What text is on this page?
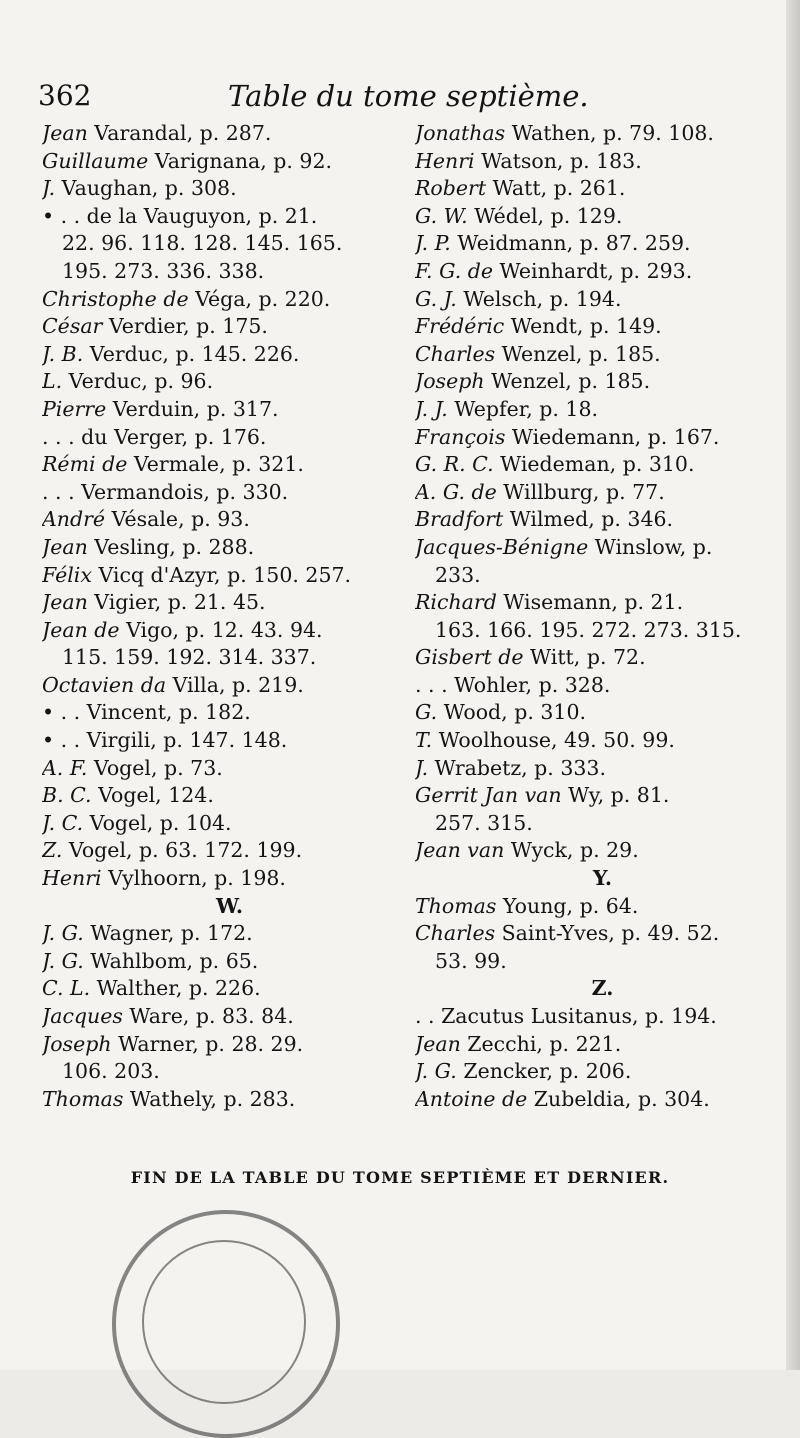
362	Table du tome septième.
Jean Varandal, p. 287.
Guillaume Varignana, p. 92.
J. Vaughan, p. 308.
• . . de la Vauguyon, p. 21.
22. 96. 118. 128. 145. 165.
195. 273. 336. 338.
Christophe de Véga, p. 220.
César Verdier, p. 175.
J. B. Verduc, p. 145. 226.
L. Verduc, p. 96.
Pierre Verduin, p. 317.
. . . du Verger, p. 176.
Rémi de Vermale, p. 321.
. . . Vermandois, p. 330.
André Vésale, p. 93.
Jean Vesling, p. 288.
Félix Vicq d'Azyr, p. 150. 257.
Jean Vigier, p. 21. 45.
Jean de Vigo, p. 12. 43. 94.
115. 159. 192. 314. 337.
Octavien da Villa, p. 219.
• . . Vincent, p. 182.
• . . Virgili, p. 147. 148.
A. F. Vogel, p. 73.
B. C. Vogel, 124.
J. C. Vogel, p. 104.
Z. Vogel, p. 63. 172. 199.
Henri Vylhoorn, p. 198.
W.
J. G. Wagner, p. 172.
J. G. Wahlbom, p. 65.
C. L. Walther, p. 226.
Jacques Ware, p. 83. 84.
Joseph Warner, p. 28. 29.
106. 203.
Thomas Wathely, p. 283.
Jonathas Wathen, p. 79. 108.
Henri Watson, p. 183.
Robert Watt, p. 261.
G. W. Wédel, p. 129.
J. P. Weidmann, p. 87. 259.
F. G. de Weinhardt, p. 293.
G. J. Welsch, p. 194.
Frédéric Wendt, p. 149.
Charles Wenzel, p. 185.
Joseph Wenzel, p. 185.
J. J. Wepfer, p. 18.
François Wiedemann, p. 167.
G. R. C. Wiedeman, p. 310.
A. G. de Willburg, p. 77.
Bradfort Wilmed, p. 346.
Jacques-Bénigne Winslow, p.
233.
Richard Wisemann, p. 21.
163. 166. 195. 272. 273. 315.
Gisbert de Witt, p. 72.
. . . Wohler, p. 328.
G. Wood, p. 310.
T. Woolhouse, 49. 50. 99.
J. Wrabetz, p. 333.
Gerrit Jan van Wy, p. 81.
257. 315.
Jean van Wyck, p. 29.
Y.
Thomas Young, p. 64.
Charles Saint-Yves, p. 49. 52.
53. 99.
Z.
. . Zacutus Lusitanus, p. 194.
Jean Zecchi, p. 221.
J. G. Zencker, p. 206.
Antoine de Zubeldia, p. 304.
FIN DE LA TABLE DU TOME SEPTIÈME ET DERNIER.
